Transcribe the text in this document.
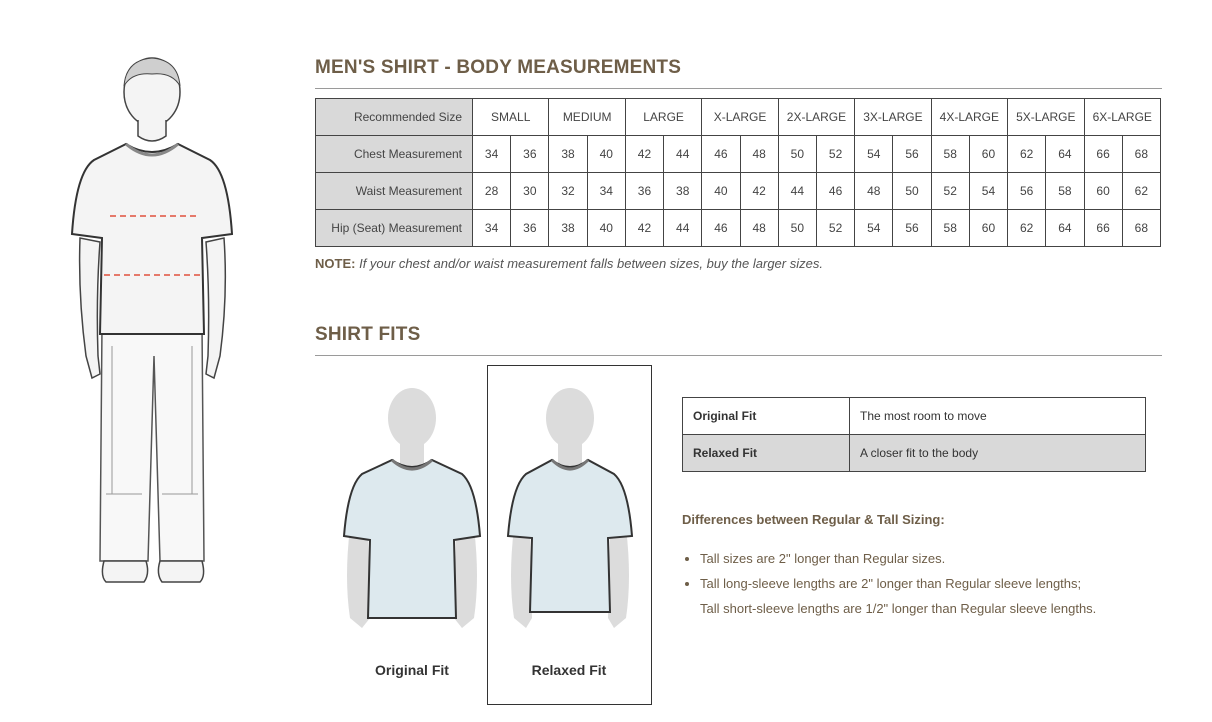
MEN'S SHIRT - BODY MEASUREMENTS
Recommended Size	SMALL		MEDIUM		LARGE		X-LARGE		2X-LARGE		3X-LARGE		4X-LARGE		5X-LARGE		6X-LARGE	
Chest Measurement	34	36	38	40	42	44	46	48	50	52	54	56	58	60	62	64	66	68
Waist Measurement	28	30	32	34	36	38	40	42	44	46	48	50	52	54	56	58	60	62
Hip (Seat) Measurement	34	36	38	40	42	44	46	48	50	52	54	56	58	60	62	64	66	68
NOTE: If your chest and/or waist measurement falls between sizes, buy the larger sizes.
SHIRT FITS
Original Fit	Relaxed Fit
Original Fit	The most room to move
Relaxed Fit	A closer fit to the body
Differences between Regular & Tall Sizing:
• Tall sizes are 2" longer than Regular sizes.
• Tall long-sleeve lengths are 2" longer than Regular sleeve lengths;
Tall short-sleeve lengths are 1/2" longer than Regular sleeve lengths.
